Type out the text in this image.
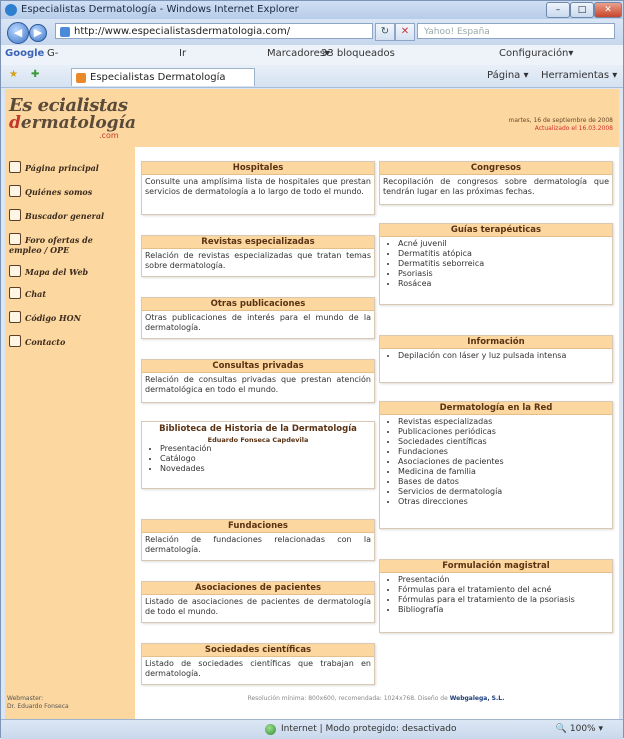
Especialistas Dermatología - Windows Internet Explorer	–	□	✕
◀	▶	http://www.especialistasdermatologia.com/	↻	✕	Yahoo! España
Google G-	Ir	Marcadores▾
33 bloqueados	Configuración▾
★ ✚	Especialistas Dermatología	Página ▾ Herramientas ▾
martes, 16 de septiembre de 2008
Actualizado el 16.03.2008
Es ecialistas
dermatología
.com
Página principal
Quiénes somos
Buscador general
Foro ofertas de empleo / OPE
Mapa del Web
Chat
Código HON
Contacto
Webmaster:
Dr. Eduardo Fonseca
Hospitales
Consulte una amplísima lista de hospitales que prestan servicios de dermatología a lo largo de todo el mundo.
Revistas especializadas
Relación de revistas especializadas que tratan temas sobre dermatología.
Otras publicaciones
Otras publicaciones de interés para el mundo de la dermatología.
Consultas privadas
Relación de consultas privadas que prestan atención dermatológica en todo el mundo.
Biblioteca de Historia de la Dermatología
Eduardo Fonseca Capdevila
• Presentación
• Catálogo
• Novedades
Fundaciones
Relación de fundaciones relacionadas con la dermatología.
Asociaciones de pacientes
Listado de asociaciones de pacientes de dermatología de todo el mundo.
Sociedades científicas
Listado de sociedades científicas que trabajan en dermatología.
Congresos
Recopilación de congresos sobre dermatología que tendrán lugar en las próximas fechas.
Guías terapéuticas
• Acné juvenil
• Dermatitis atópica
• Dermatitis seborreica
• Psoriasis
• Rosácea
Información
• Depilación con láser y luz pulsada intensa
Dermatología en la Red
• Revistas especializadas
• Publicaciones periódicas
• Sociedades científicas
• Fundaciones
• Asociaciones de pacientes
• Medicina de familia
• Bases de datos
• Servicios de dermatología
• Otras direcciones
Formulación magistral
• Presentación
• Fórmulas para el tratamiento del acné
• Fórmulas para el tratamiento de la psoriasis
• Bibliografía
Resolución mínima: 800x600, recomendada: 1024x768. Diseño de Webgalega, S.L.
Internet | Modo protegido: desactivado	🔍 100% ▾
